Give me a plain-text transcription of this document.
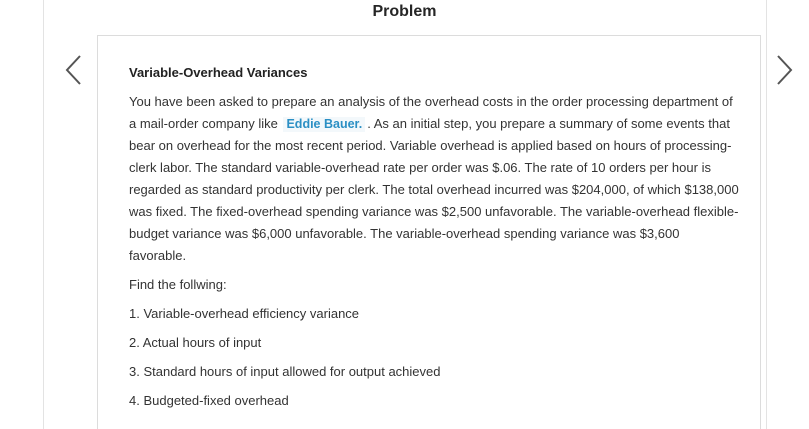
Problem
Variable-Overhead Variances

You have been asked to prepare an analysis of the overhead costs in the order processing department of a mail-order company like Eddie Bauer. . As an initial step, you prepare a summary of some events that bear on overhead for the most recent period. Variable overhead is applied based on hours of processing-clerk labor. The standard variable-overhead rate per order was $.06. The rate of 10 orders per hour is regarded as standard productivity per clerk. The total overhead incurred was $204,000, of which $138,000 was fixed. The fixed-overhead spending variance was $2,500 unfavorable. The variable-overhead flexible-budget variance was $6,000 unfavorable. The variable-overhead spending variance was $3,600 favorable.

Find the follwing:
1. Variable-overhead efficiency variance
2. Actual hours of input
3. Standard hours of input allowed for output achieved
4. Budgeted-fixed overhead
